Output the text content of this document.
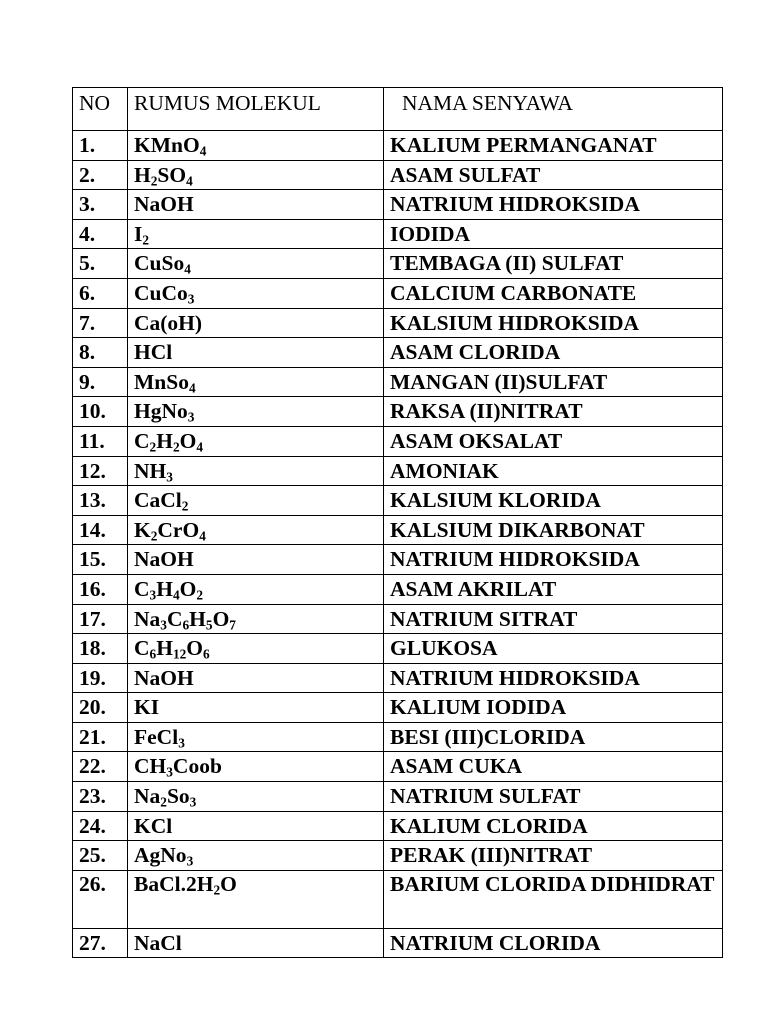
NO	RUMUS MOLEKUL	NAMA SENYAWA
1.	KMnO$_4$	KALIUM PERMANGANAT
2.	$H_2SO_4$	ASAM SULFAT
3.	NaOH	NATRIUM HIDROKSIDA
4.	$I_2$	IODIDA
5.	CuSo$_4$	TEMBAGA (II) SULFAT
6.	CuCo$_3$	CALCIUM CARBONATE
7.	Ca(oH)	KALSIUM HIDROKSIDA
8.	HCl	ASAM CLORIDA
9.	MnSo$_4$	MANGAN (II)SULFAT
10.	HgNo$_3$	RAKSA (II)NITRAT
11.	$C_2H_2O_4$	ASAM OKSALAT
12.	$NH_3$	AMONIAK
13.	CaCl$_2$	KALSIUM KLORIDA
14.	$K_2CrO_4$	KALSIUM DIKARBONAT
15.	NaOH	NATRIUM HIDROKSIDA
16.	$C_3H_4O_2$	ASAM AKRILAT
17.	$Na_3C_6H_5O_7$	NATRIUM SITRAT
18.	$C_6H_{12}O_6$	GLUKOSA
19.	NaOH	NATRIUM HIDROKSIDA
20.	KI	KALIUM IODIDA
21.	FeCl$_3$	BESI (III)CLORIDA
22.	$CH_3Coob$	ASAM CUKA
23.	$Na_2So_3$	NATRIUM SULFAT
24.	KCl	KALIUM CLORIDA
25.	AgNo$_3$	PERAK (III)NITRAT
26.	$BaCl.2H_2O$	BARIUM CLORIDA DIDHIDRAT
27.	NaCl	NATRIUM CLORIDA
